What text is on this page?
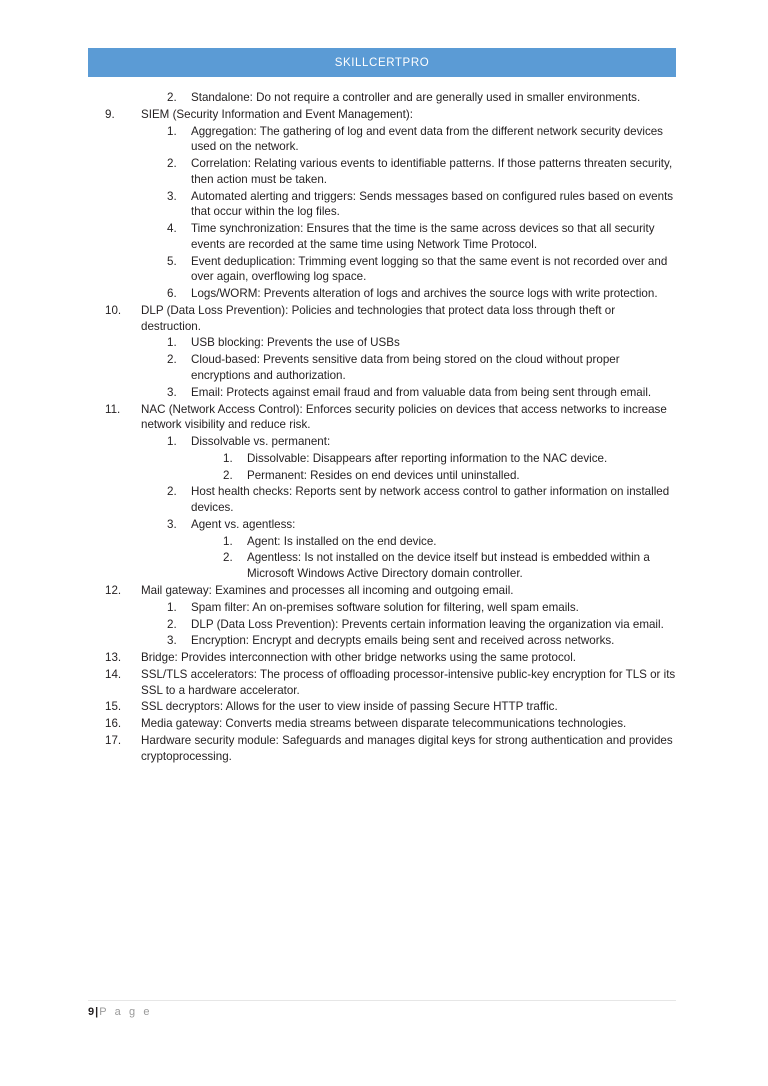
SKILLCERTPRO
2.	Standalone: Do not require a controller and are generally used in smaller environments.
9.	SIEM (Security Information and Event Management):
1.	Aggregation: The gathering of log and event data from the different network security devices used on the network.
2.	Correlation: Relating various events to identifiable patterns. If those patterns threaten security, then action must be taken.
3.	Automated alerting and triggers: Sends messages based on configured rules based on events that occur within the log files.
4.	Time synchronization: Ensures that the time is the same across devices so that all security events are recorded at the same time using Network Time Protocol.
5.	Event deduplication: Trimming event logging so that the same event is not recorded over and over again, overflowing log space.
6.	Logs/WORM: Prevents alteration of logs and archives the source logs with write protection.
10.	DLP (Data Loss Prevention): Policies and technologies that protect data loss through theft or destruction.
1.	USB blocking: Prevents the use of USBs
2.	Cloud-based: Prevents sensitive data from being stored on the cloud without proper encryptions and authorization.
3.	Email: Protects against email fraud and from valuable data from being sent through email.
11.	NAC (Network Access Control): Enforces security policies on devices that access networks to increase network visibility and reduce risk.
1.	Dissolvable vs. permanent:
1.	Dissolvable: Disappears after reporting information to the NAC device.
2.	Permanent: Resides on end devices until uninstalled.
2.	Host health checks: Reports sent by network access control to gather information on installed devices.
3.	Agent vs. agentless:
1.	Agent: Is installed on the end device.
2.	Agentless: Is not installed on the device itself but instead is embedded within a Microsoft Windows Active Directory domain controller.
12.	Mail gateway: Examines and processes all incoming and outgoing email.
1.	Spam filter: An on-premises software solution for filtering, well spam emails.
2.	DLP (Data Loss Prevention): Prevents certain information leaving the organization via email.
3.	Encryption: Encrypt and decrypts emails being sent and received across networks.
13.	Bridge: Provides interconnection with other bridge networks using the same protocol.
14.	SSL/TLS accelerators: The process of offloading processor-intensive public-key encryption for TLS or its SSL to a hardware accelerator.
15.	SSL decryptors: Allows for the user to view inside of passing Secure HTTP traffic.
16.	Media gateway: Converts media streams between disparate telecommunications technologies.
17.	Hardware security module: Safeguards and manages digital keys for strong authentication and provides cryptoprocessing.
9|P a g e
